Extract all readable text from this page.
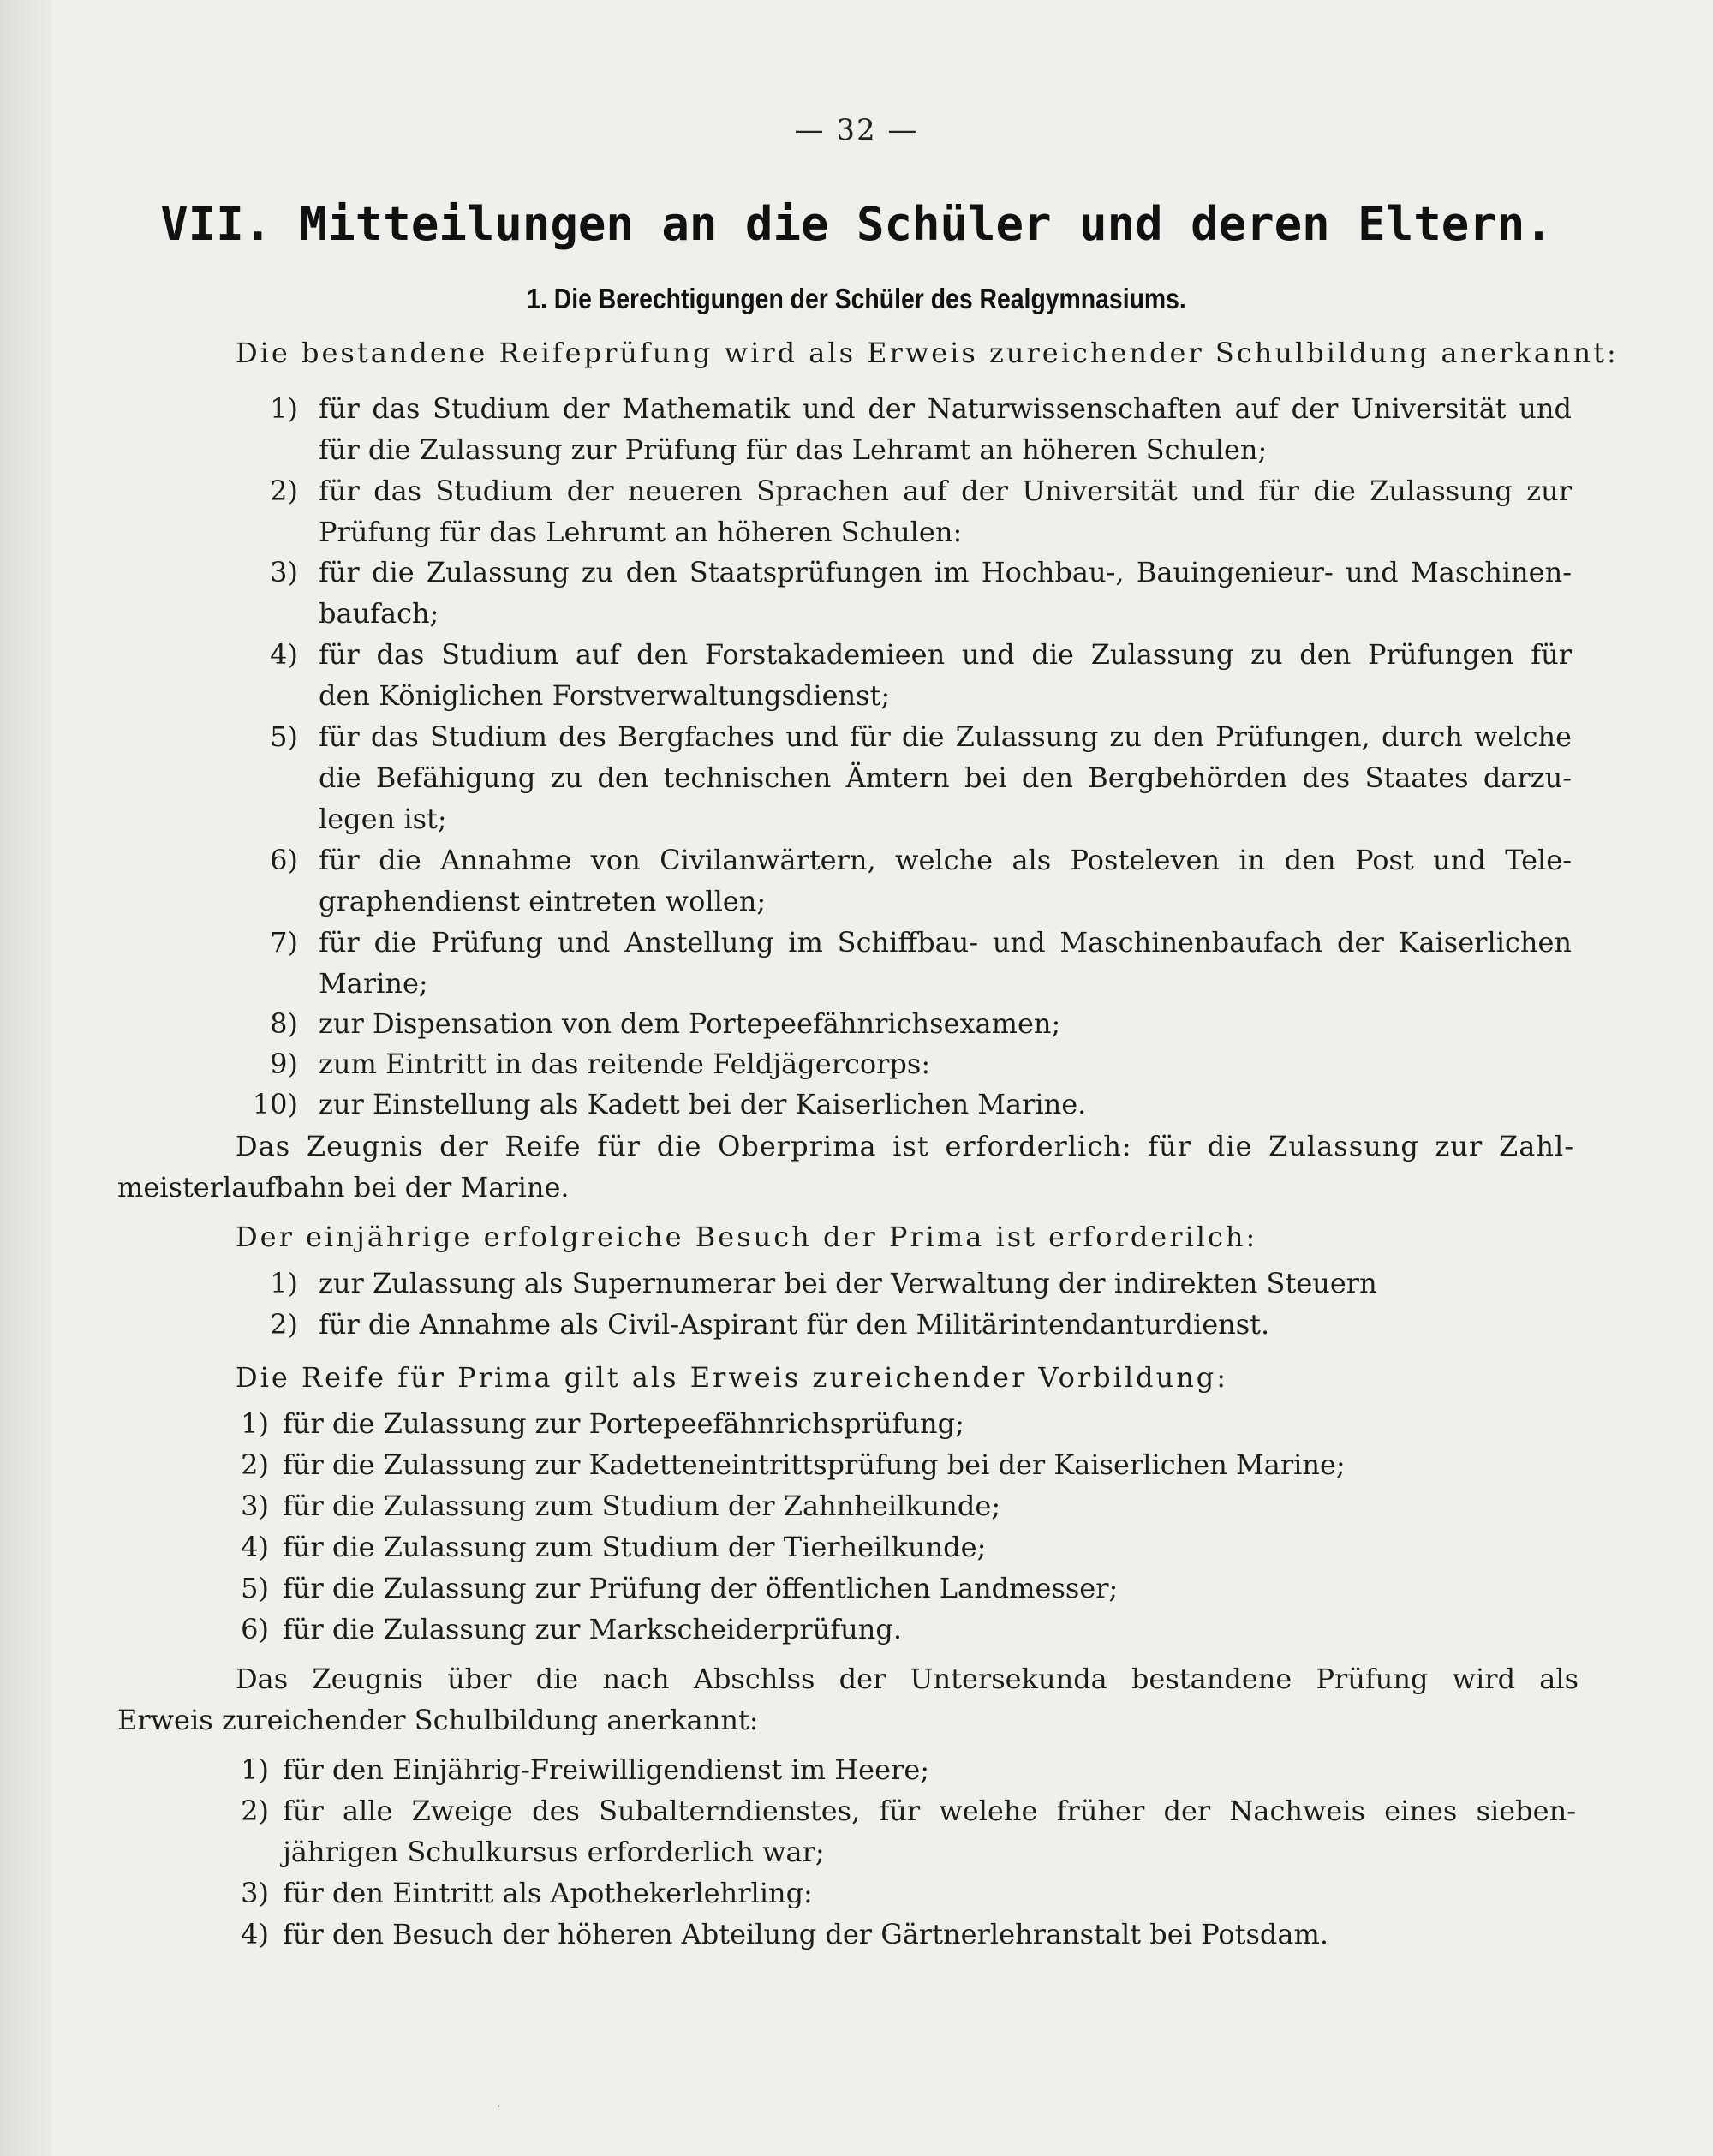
— 32 —
VII. Mitteilungen an die Schüler und deren Eltern.
1. Die Berechtigungen der Schüler des Realgymnasiums.
Die bestandene Reifeprüfung wird als Erweis zureichender Schulbildung anerkannt:
1) für das Studium der Mathematik und der Naturwissenschaften auf der Universität und
für die Zulassung zur Prüfung für das Lehramt an höheren Schulen;
2) für das Studium der neueren Sprachen auf der Universität und für die Zulassung zur
Prüfung für das Lehrumt an höheren Schulen:
3) für die Zulassung zu den Staatsprüfungen im Hochbau-, Bauingenieur- und Maschinen-
baufach;
4) für das Studium auf den Forstakademieen und die Zulassung zu den Prüfungen für
den Königlichen Forstverwaltungsdienst;
5) für das Studium des Bergfaches und für die Zulassung zu den Prüfungen, durch welche
die Befähigung zu den technischen Ämtern bei den Bergbehörden des Staates darzu-
legen ist;
6) für die Annahme von Civilanwärtern, welche als Posteleven in den Post und Tele-
graphendienst eintreten wollen;
7) für die Prüfung und Anstellung im Schiffbau- und Maschinenbaufach der Kaiserlichen
Marine;
8) zur Dispensation von dem Portepeefähnrichsexamen;
9) zum Eintritt in das reitende Feldjägercorps:
10) zur Einstellung als Kadett bei der Kaiserlichen Marine.
Das Zeugnis der Reife für die Oberprima ist erforderlich: für die Zulassung zur Zahl-
meisterlaufbahn bei der Marine.
Der einjährige erfolgreiche Besuch der Prima ist erforderilch:
1) zur Zulassung als Supernumerar bei der Verwaltung der indirekten Steuern
2) für die Annahme als Civil-Aspirant für den Militärintendanturdienst.
Die Reife für Prima gilt als Erweis zureichender Vorbildung:
1) für die Zulassung zur Portepeefähnrichsprüfung;
2) für die Zulassung zur Kadetteneintrittsprüfung bei der Kaiserlichen Marine;
3) für die Zulassung zum Studium der Zahnheilkunde;
4) für die Zulassung zum Studium der Tierheilkunde;
5) für die Zulassung zur Prüfung der öffentlichen Landmesser;
6) für die Zulassung zur Markscheiderprüfung.
Das Zeugnis über die nach Abschlss der Untersekunda bestandene Prüfung wird als
Erweis zureichender Schulbildung anerkannt:
1) für den Einjährig-Freiwilligendienst im Heere;
2) für alle Zweige des Subalterndienstes, für welehe früher der Nachweis eines sieben-
jährigen Schulkursus erforderlich war;
3) für den Eintritt als Apothekerlehrling:
4) für den Besuch der höheren Abteilung der Gärtnerlehranstalt bei Potsdam.
·
